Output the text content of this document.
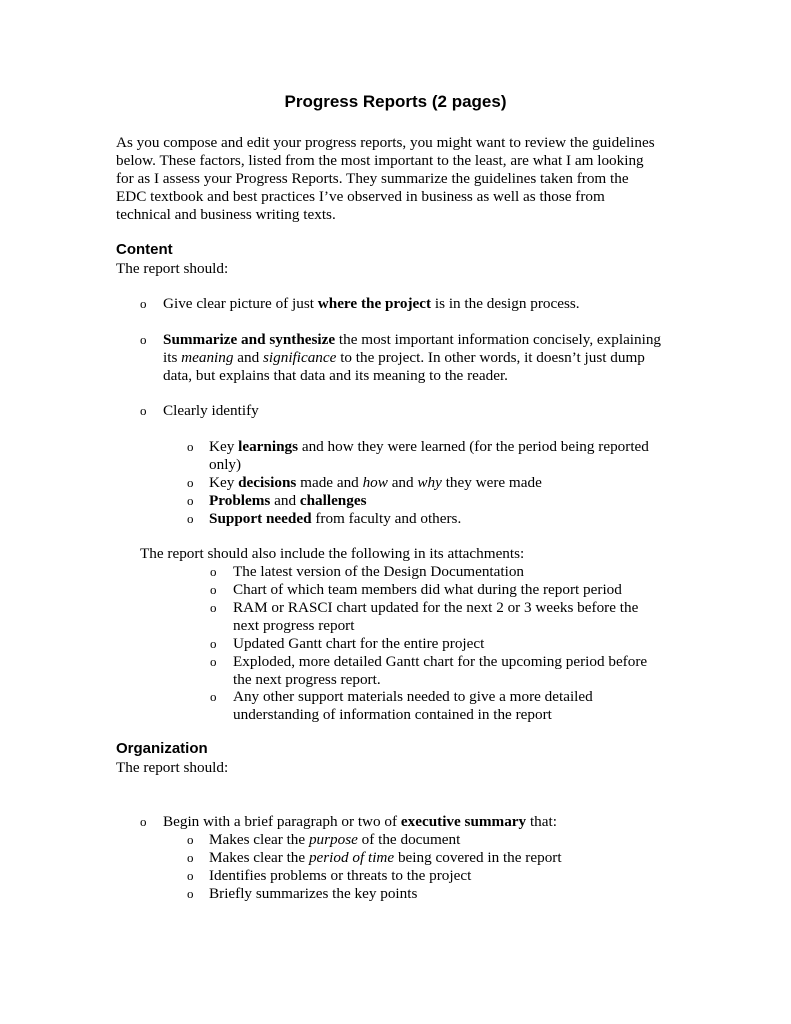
Progress Reports (2 pages)
As you compose and edit your progress reports, you might want to review the guidelines
below. These factors, listed from the most important to the least, are what I am looking
for as I assess your Progress Reports. They summarize the guidelines taken from the
EDC textbook and best practices I’ve observed in business as well as those from
technical and business writing texts.
Content
The report should:
o Give clear picture of just where the project is in the design process.
o Summarize and synthesize the most important information concisely, explaining
its meaning and significance to the project. In other words, it doesn’t just dump
data, but explains that data and its meaning to the reader.
o Clearly identify
o Key learnings and how they were learned (for the period being reported
only)
o Key decisions made and how and why they were made
o Problems and challenges
o Support needed from faculty and others.
The report should also include the following in its attachments:
o The latest version of the Design Documentation
o Chart of which team members did what during the report period
o RAM or RASCI chart updated for the next 2 or 3 weeks before the
next progress report
o Updated Gantt chart for the entire project
o Exploded, more detailed Gantt chart for the upcoming period before
the next progress report.
o Any other support materials needed to give a more detailed
understanding of information contained in the report
Organization
The report should:
o Begin with a brief paragraph or two of executive summary that:
o Makes clear the purpose of the document
o Makes clear the period of time being covered in the report
o Identifies problems or threats to the project
o Briefly summarizes the key points
